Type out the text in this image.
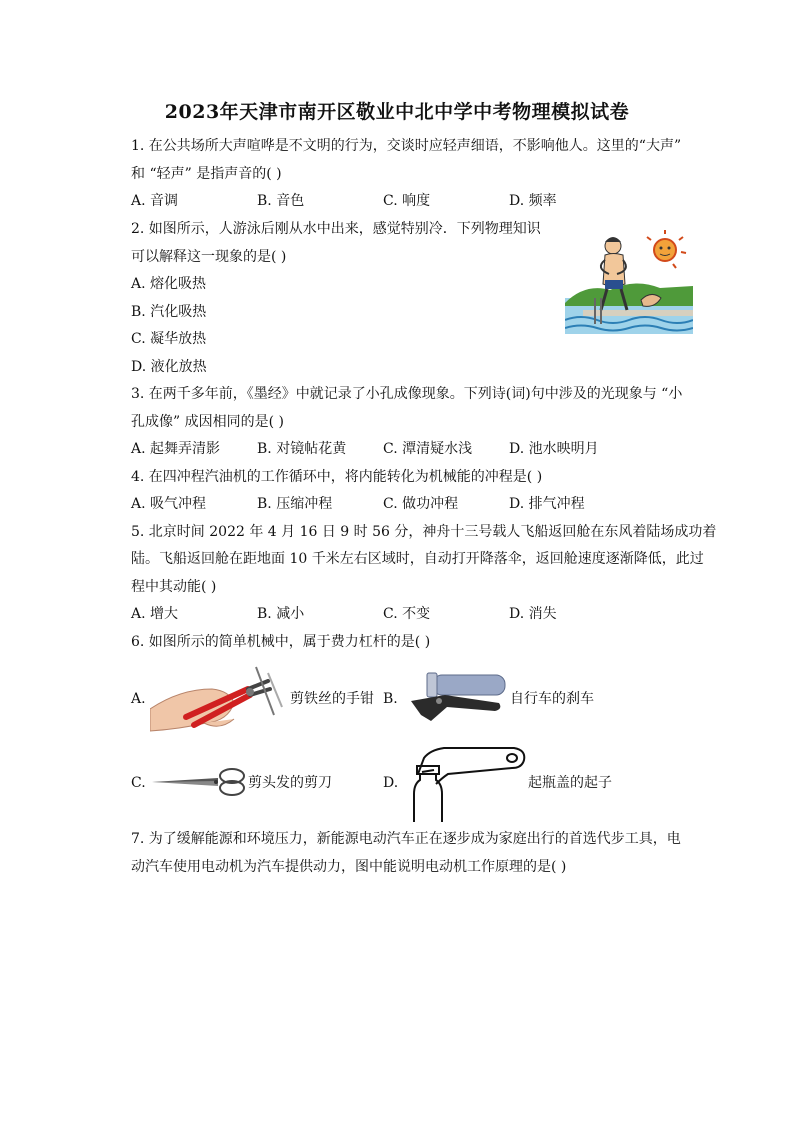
2023年天津市南开区敬业中北中学中考物理模拟试卷
1. 在公共场所大声喧哗是不文明的行为，交谈时应轻声细语，不影响他人。这里的“大声”
和 “轻声” 是指声音的( )
A. 音调	B. 音色	C. 响度	D. 频率
2. 如图所示，人游泳后刚从水中出来，感觉特别冷．下列物理知识
可以解释这一现象的是( )
A. 熔化吸热
B. 汽化吸热
C. 凝华放热
D. 液化放热
3. 在两千多年前，《墨经》中就记录了小孔成像现象。下列诗(词)句中涉及的光现象与 “小
孔成像” 成因相同的是( )
A. 起舞弄清影	B. 对镜帖花黄	C. 潭清疑水浅	D. 池水映明月
4. 在四冲程汽油机的工作循环中，将内能转化为机械能的冲程是( )
A. 吸气冲程	B. 压缩冲程	C. 做功冲程	D. 排气冲程
5. 北京时间 2022 年 4 月 16 日 9 时 56 分，神舟十三号载人飞船返回舱在东风着陆场成功着
陆。飞船返回舱在距地面 10 千米左右区域时，自动打开降落伞，返回舱速度逐渐降低，此过
程中其动能( )
A. 增大	B. 减小	C. 不变	D. 消失
6. 如图所示的简单机械中，属于费力杠杆的是( )
A.	剪铁丝的手钳 B.	自行车的刹车
C.	剪头发的剪刀	D.	起瓶盖的起子
7. 为了缓解能源和环境压力，新能源电动汽车正在逐步成为家庭出行的首选代步工具，电
动汽车使用电动机为汽车提供动力，图中能说明电动机工作原理的是( )
